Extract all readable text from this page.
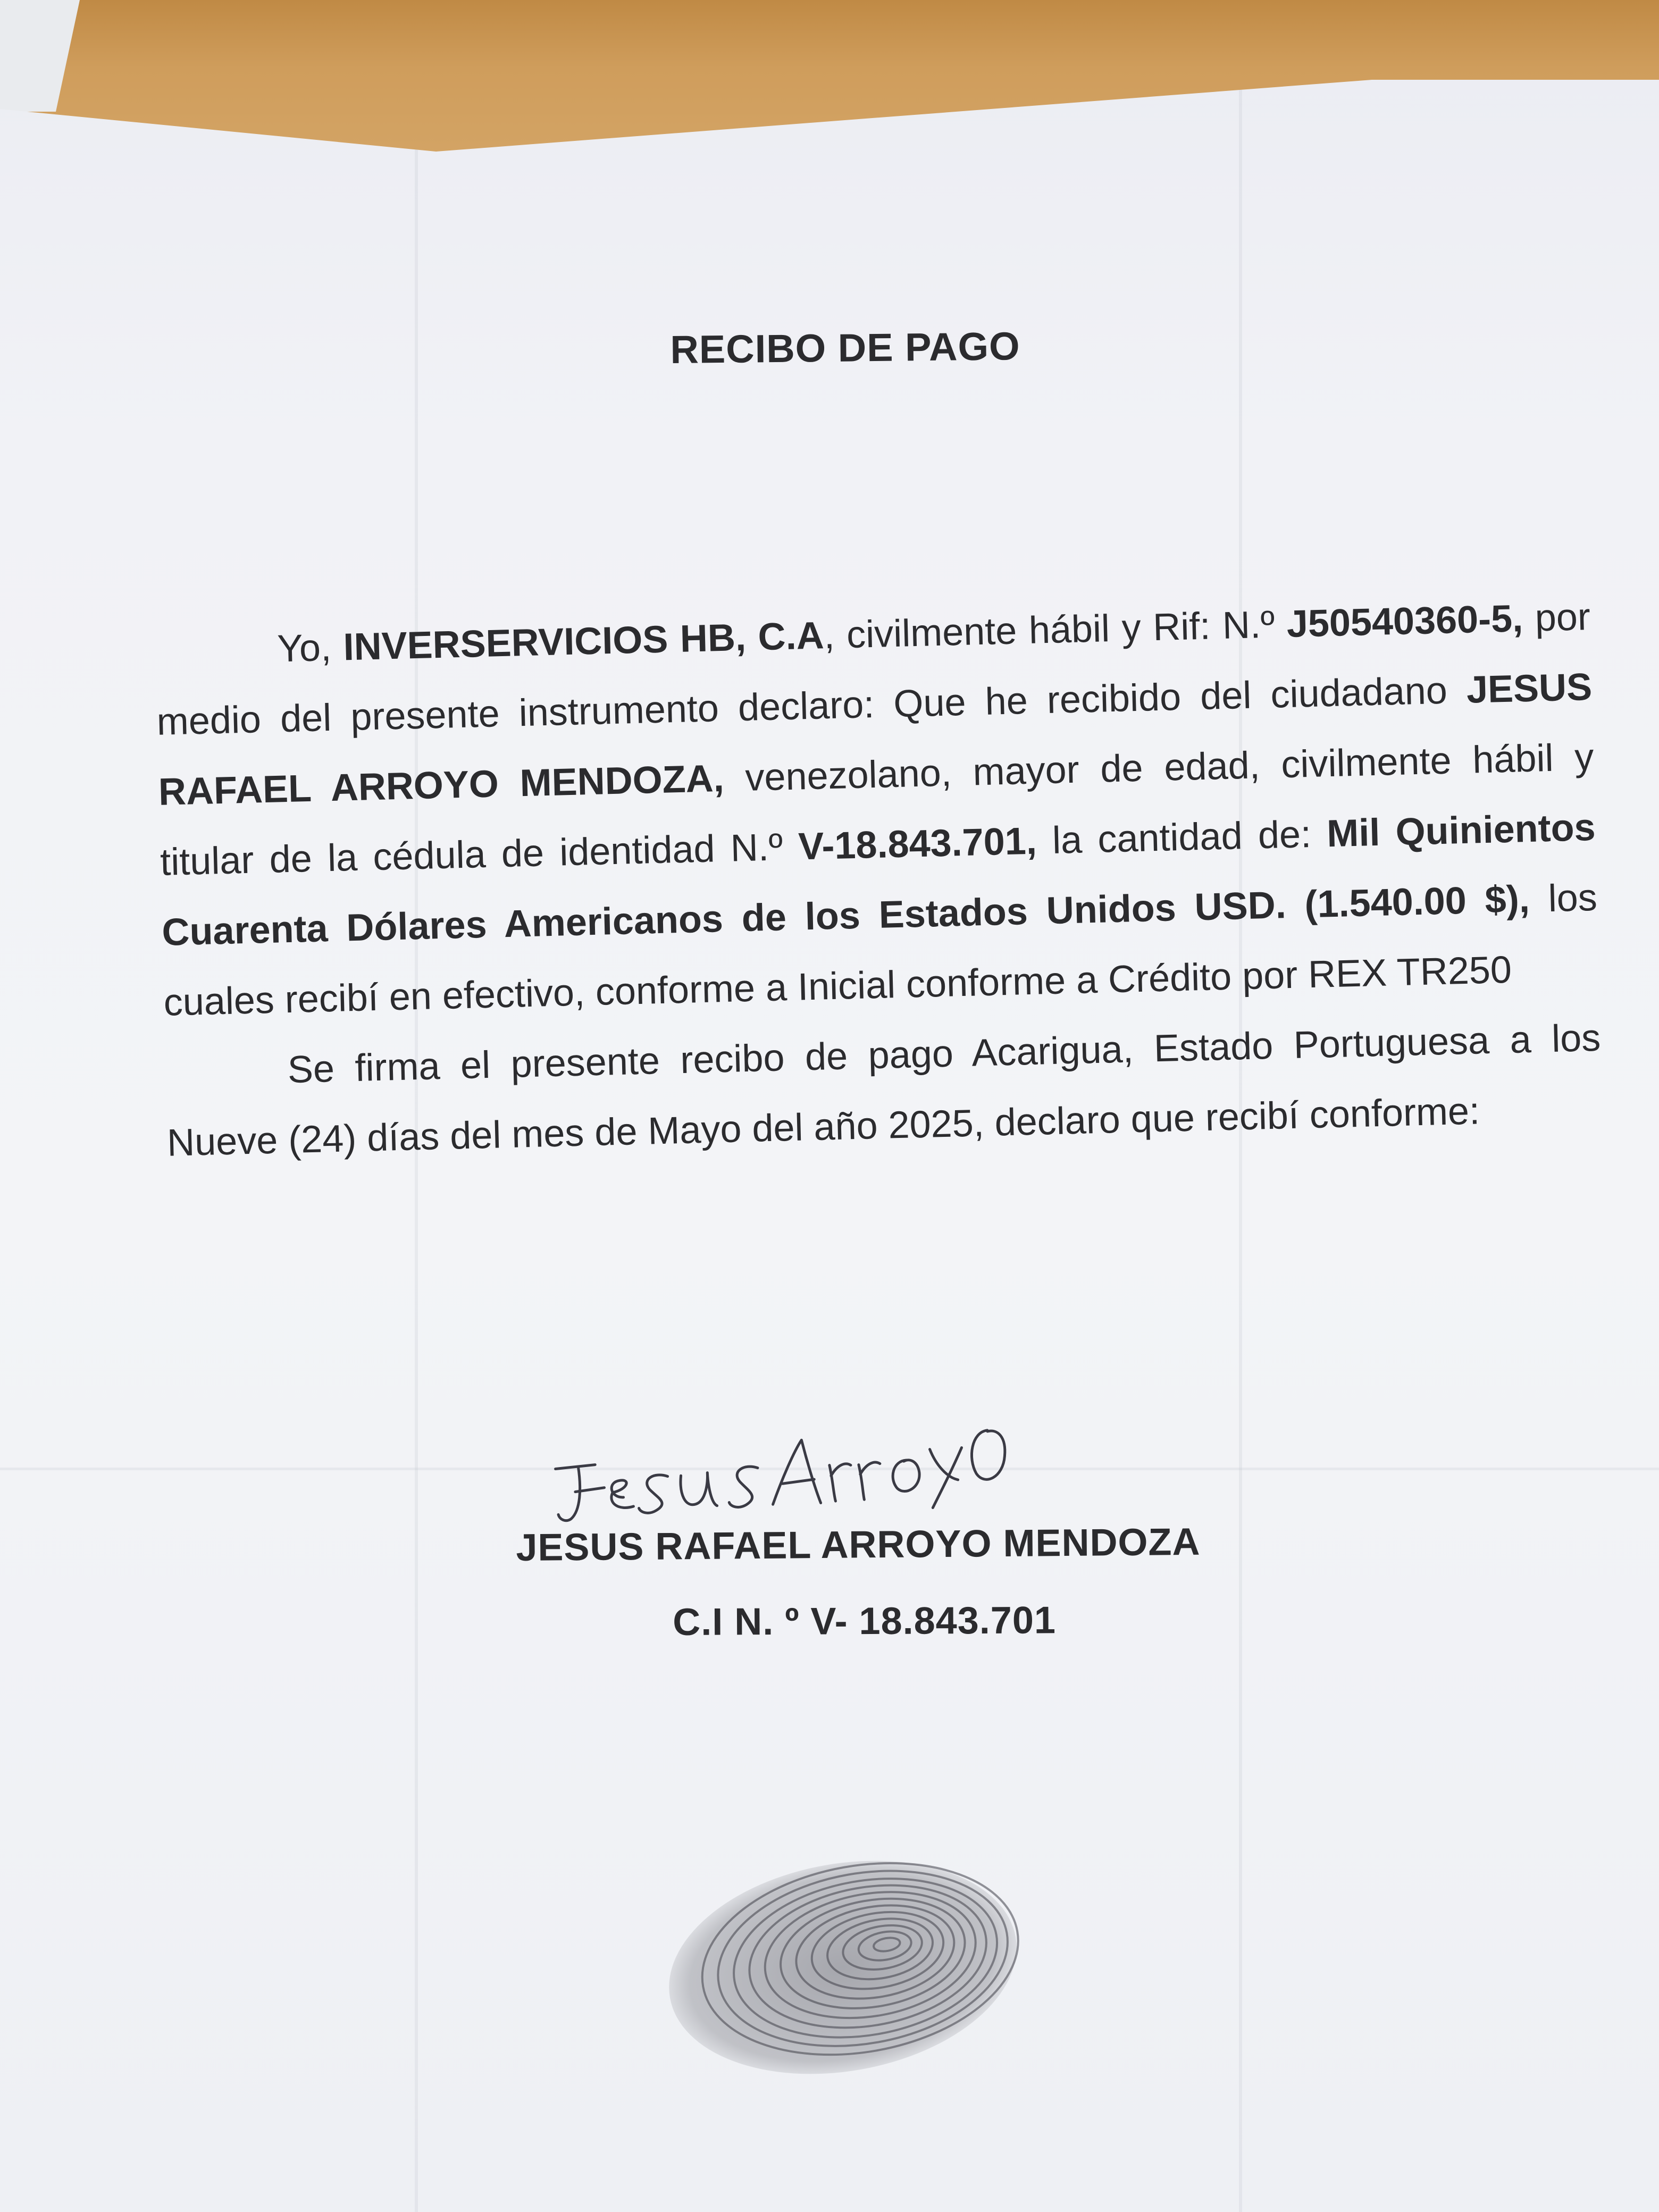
RECIBO DE PAGO

Yo, INVERSERVICIOS HB, C.A, civilmente hábil y Rif: N.º J50540360-5, por medio del presente instrumento declaro: Que he recibido del ciudadano JESUS RAFAEL ARROYO MENDOZA, venezolano, mayor de edad, civilmente hábil y titular de la cédula de identidad N.º V-18.843.701, la cantidad de: Mil Quinientos Cuarenta Dólares Americanos de los Estados Unidos USD. (1.540.00 $), los cuales recibí en efectivo, conforme a Inicial conforme a Crédito por REX TR250

Se firma el presente recibo de pago Acarigua, Estado Portuguesa a los Nueve (24) días del mes de Mayo del año 2025, declaro que recibí conforme:

JESUS RAFAEL ARROYO MENDOZA
C.I N. º V- 18.843.701
